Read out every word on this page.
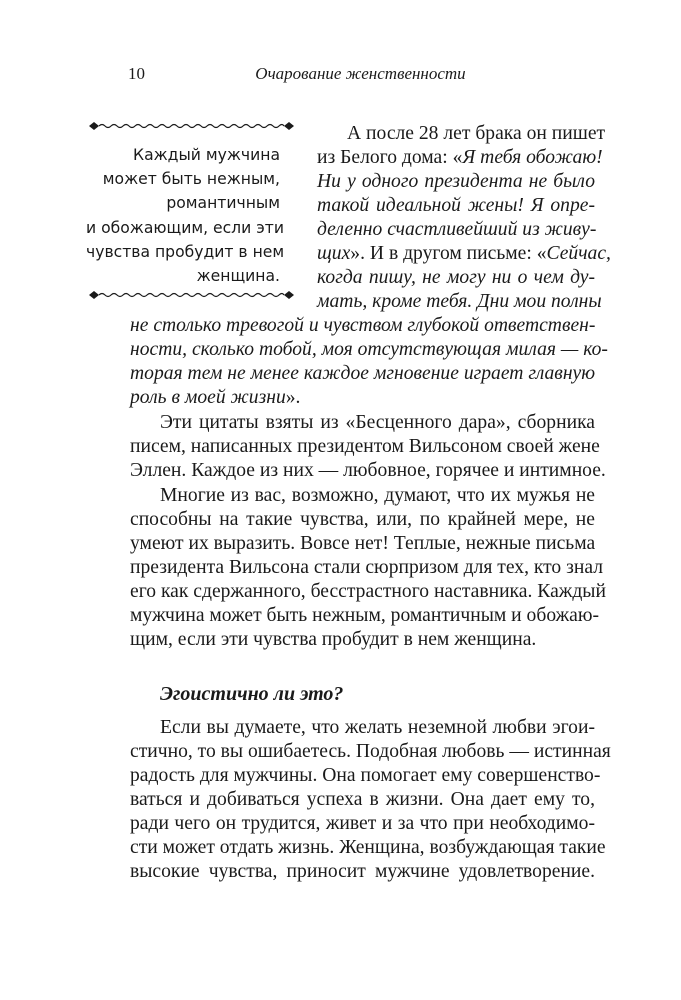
10	Очарование женственности
Каждый мужчина
может быть нежным,
романтичным
и обожающим, если эти
чувства пробудит в нем
женщина.
А после 28 лет брака он пишет
из Белого дома: «Я тебя обожаю!
Ни у одного президента не было
такой идеальной жены! Я опре-
деленно счастливейший из живу-
щих». И в другом письме: «Сейчас,
когда пишу, не могу ни о чем ду-
мать, кроме тебя. Дни мои полны
не столько тревогой и чувством глубокой ответствен-
ности, сколько тобой, моя отсутствующая милая — ко-
торая тем не менее каждое мгновение играет главную
роль в моей жизни».
Эти цитаты взяты из «Бесценного дара», сборника
писем, написанных президентом Вильсоном своей жене
Эллен. Каждое из них — любовное, горячее и интимное.
Многие из вас, возможно, думают, что их мужья не
способны на такие чувства, или, по крайней мере, не
умеют их выразить. Вовсе нет! Теплые, нежные письма
президента Вильсона стали сюрпризом для тех, кто знал
его как сдержанного, бесстрастного наставника. Каждый
мужчина может быть нежным, романтичным и обожаю-
щим, если эти чувства пробудит в нем женщина.
Эгоистично ли это?
Если вы думаете, что желать неземной любви эгои-
стично, то вы ошибаетесь. Подобная любовь — истинная
радость для мужчины. Она помогает ему совершенство-
ваться и добиваться успеха в жизни. Она дает ему то,
ради чего он трудится, живет и за что при необходимо-
сти может отдать жизнь. Женщина, возбуждающая такие
высокие чувства, приносит мужчине удовлетворение.
